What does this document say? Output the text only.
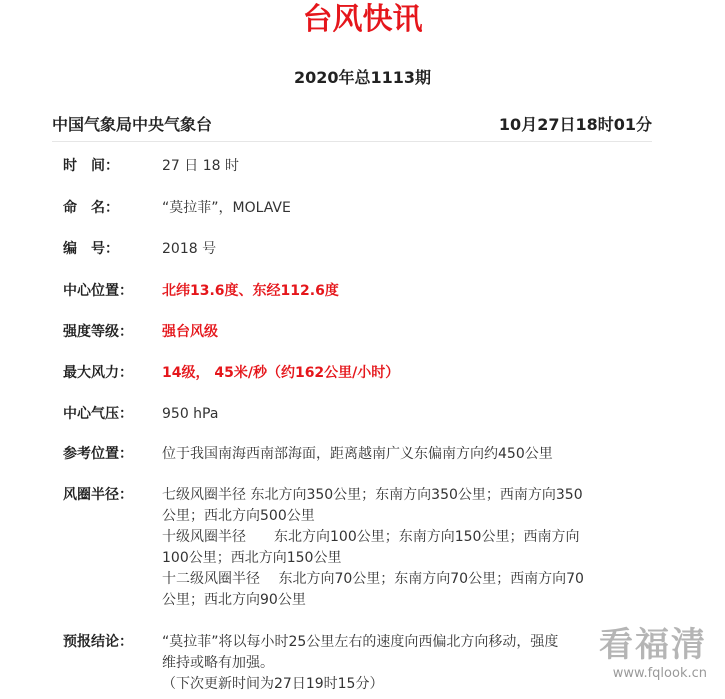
台风快讯
2020年总1113期
中国气象局中央气象台	10月27日18时01分
时　间：	27 日 18 时
命　名：	“莫拉菲”，MOLAVE
编　号：	2018 号
中心位置：	北纬13.6度、东经112.6度
强度等级：	强台风级
最大风力：	14级， 45米/秒（约162公里/小时）
中心气压：	950 hPa
参考位置：	位于我国南海西南部海面，距离越南广义东偏南方向约450公里
风圈半径：	七级风圈半径 东北方向350公里；东南方向350公里；西南方向350
公里；西北方向500公里
十级风圈半径　　东北方向100公里；东南方向150公里；西南方向
100公里；西北方向150公里
十二级风圈半径　 东北方向70公里；东南方向70公里；西南方向70
公里；西北方向90公里
预报结论：	“莫拉菲”将以每小时25公里左右的速度向西偏北方向移动，强度
维持或略有加强。
（下次更新时间为27日19时15分）
看福清
www.fqlook.cn
